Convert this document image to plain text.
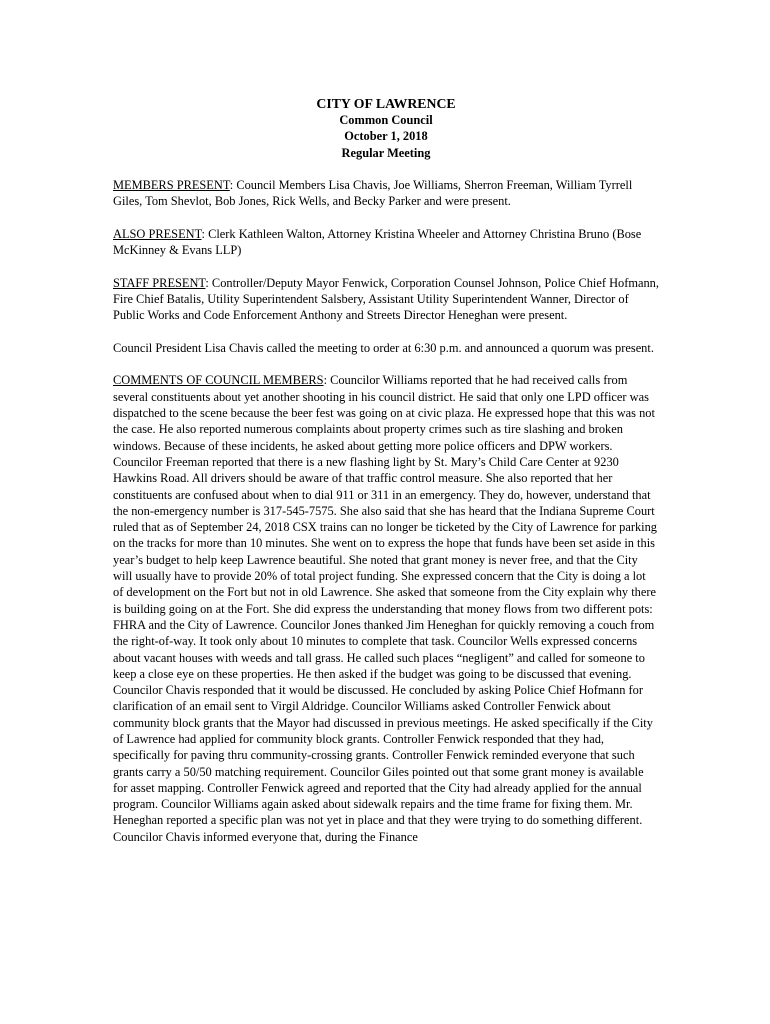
CITY OF LAWRENCE
Common Council
October 1, 2018
Regular Meeting

MEMBERS PRESENT: Council Members Lisa Chavis, Joe Williams, Sherron Freeman, William Tyrrell Giles, Tom Shevlot, Bob Jones, Rick Wells, and Becky Parker and were present.

ALSO PRESENT: Clerk Kathleen Walton, Attorney Kristina Wheeler and Attorney Christina Bruno (Bose McKinney & Evans LLP)

STAFF PRESENT: Controller/Deputy Mayor Fenwick, Corporation Counsel Johnson, Police Chief Hofmann, Fire Chief Batalis, Utility Superintendent Salsbery, Assistant Utility Superintendent Wanner, Director of Public Works and Code Enforcement Anthony and Streets Director Heneghan were present.

Council President Lisa Chavis called the meeting to order at 6:30 p.m. and announced a quorum was present.

COMMENTS OF COUNCIL MEMBERS: Councilor Williams reported that he had received calls from several constituents about yet another shooting in his council district. He said that only one LPD officer was dispatched to the scene because the beer fest was going on at civic plaza. He expressed hope that this was not the case. He also reported numerous complaints about property crimes such as tire slashing and broken windows. Because of these incidents, he asked about getting more police officers and DPW workers. Councilor Freeman reported that there is a new flashing light by St. Mary’s Child Care Center at 9230 Hawkins Road. All drivers should be aware of that traffic control measure. She also reported that her constituents are confused about when to dial 911 or 311 in an emergency. They do, however, understand that the non-emergency number is 317-545-7575. She also said that she has heard that the Indiana Supreme Court ruled that as of September 24, 2018 CSX trains can no longer be ticketed by the City of Lawrence for parking on the tracks for more than 10 minutes. She went on to express the hope that funds have been set aside in this year’s budget to help keep Lawrence beautiful. She noted that grant money is never free, and that the City will usually have to provide 20% of total project funding. She expressed concern that the City is doing a lot of development on the Fort but not in old Lawrence. She asked that someone from the City explain why there is building going on at the Fort. She did express the understanding that money flows from two different pots: FHRA and the City of Lawrence. Councilor Jones thanked Jim Heneghan for quickly removing a couch from the right-of-way. It took only about 10 minutes to complete that task. Councilor Wells expressed concerns about vacant houses with weeds and tall grass. He called such places “negligent” and called for someone to keep a close eye on these properties. He then asked if the budget was going to be discussed that evening. Councilor Chavis responded that it would be discussed. He concluded by asking Police Chief Hofmann for clarification of an email sent to Virgil Aldridge. Councilor Williams asked Controller Fenwick about community block grants that the Mayor had discussed in previous meetings. He asked specifically if the City of Lawrence had applied for community block grants. Controller Fenwick responded that they had, specifically for paving thru community-crossing grants. Controller Fenwick reminded everyone that such grants carry a 50/50 matching requirement. Councilor Giles pointed out that some grant money is available for asset mapping. Controller Fenwick agreed and reported that the City had already applied for the annual program. Councilor Williams again asked about sidewalk repairs and the time frame for fixing them. Mr. Heneghan reported a specific plan was not yet in place and that they were trying to do something different. Councilor Chavis informed everyone that, during the Finance
